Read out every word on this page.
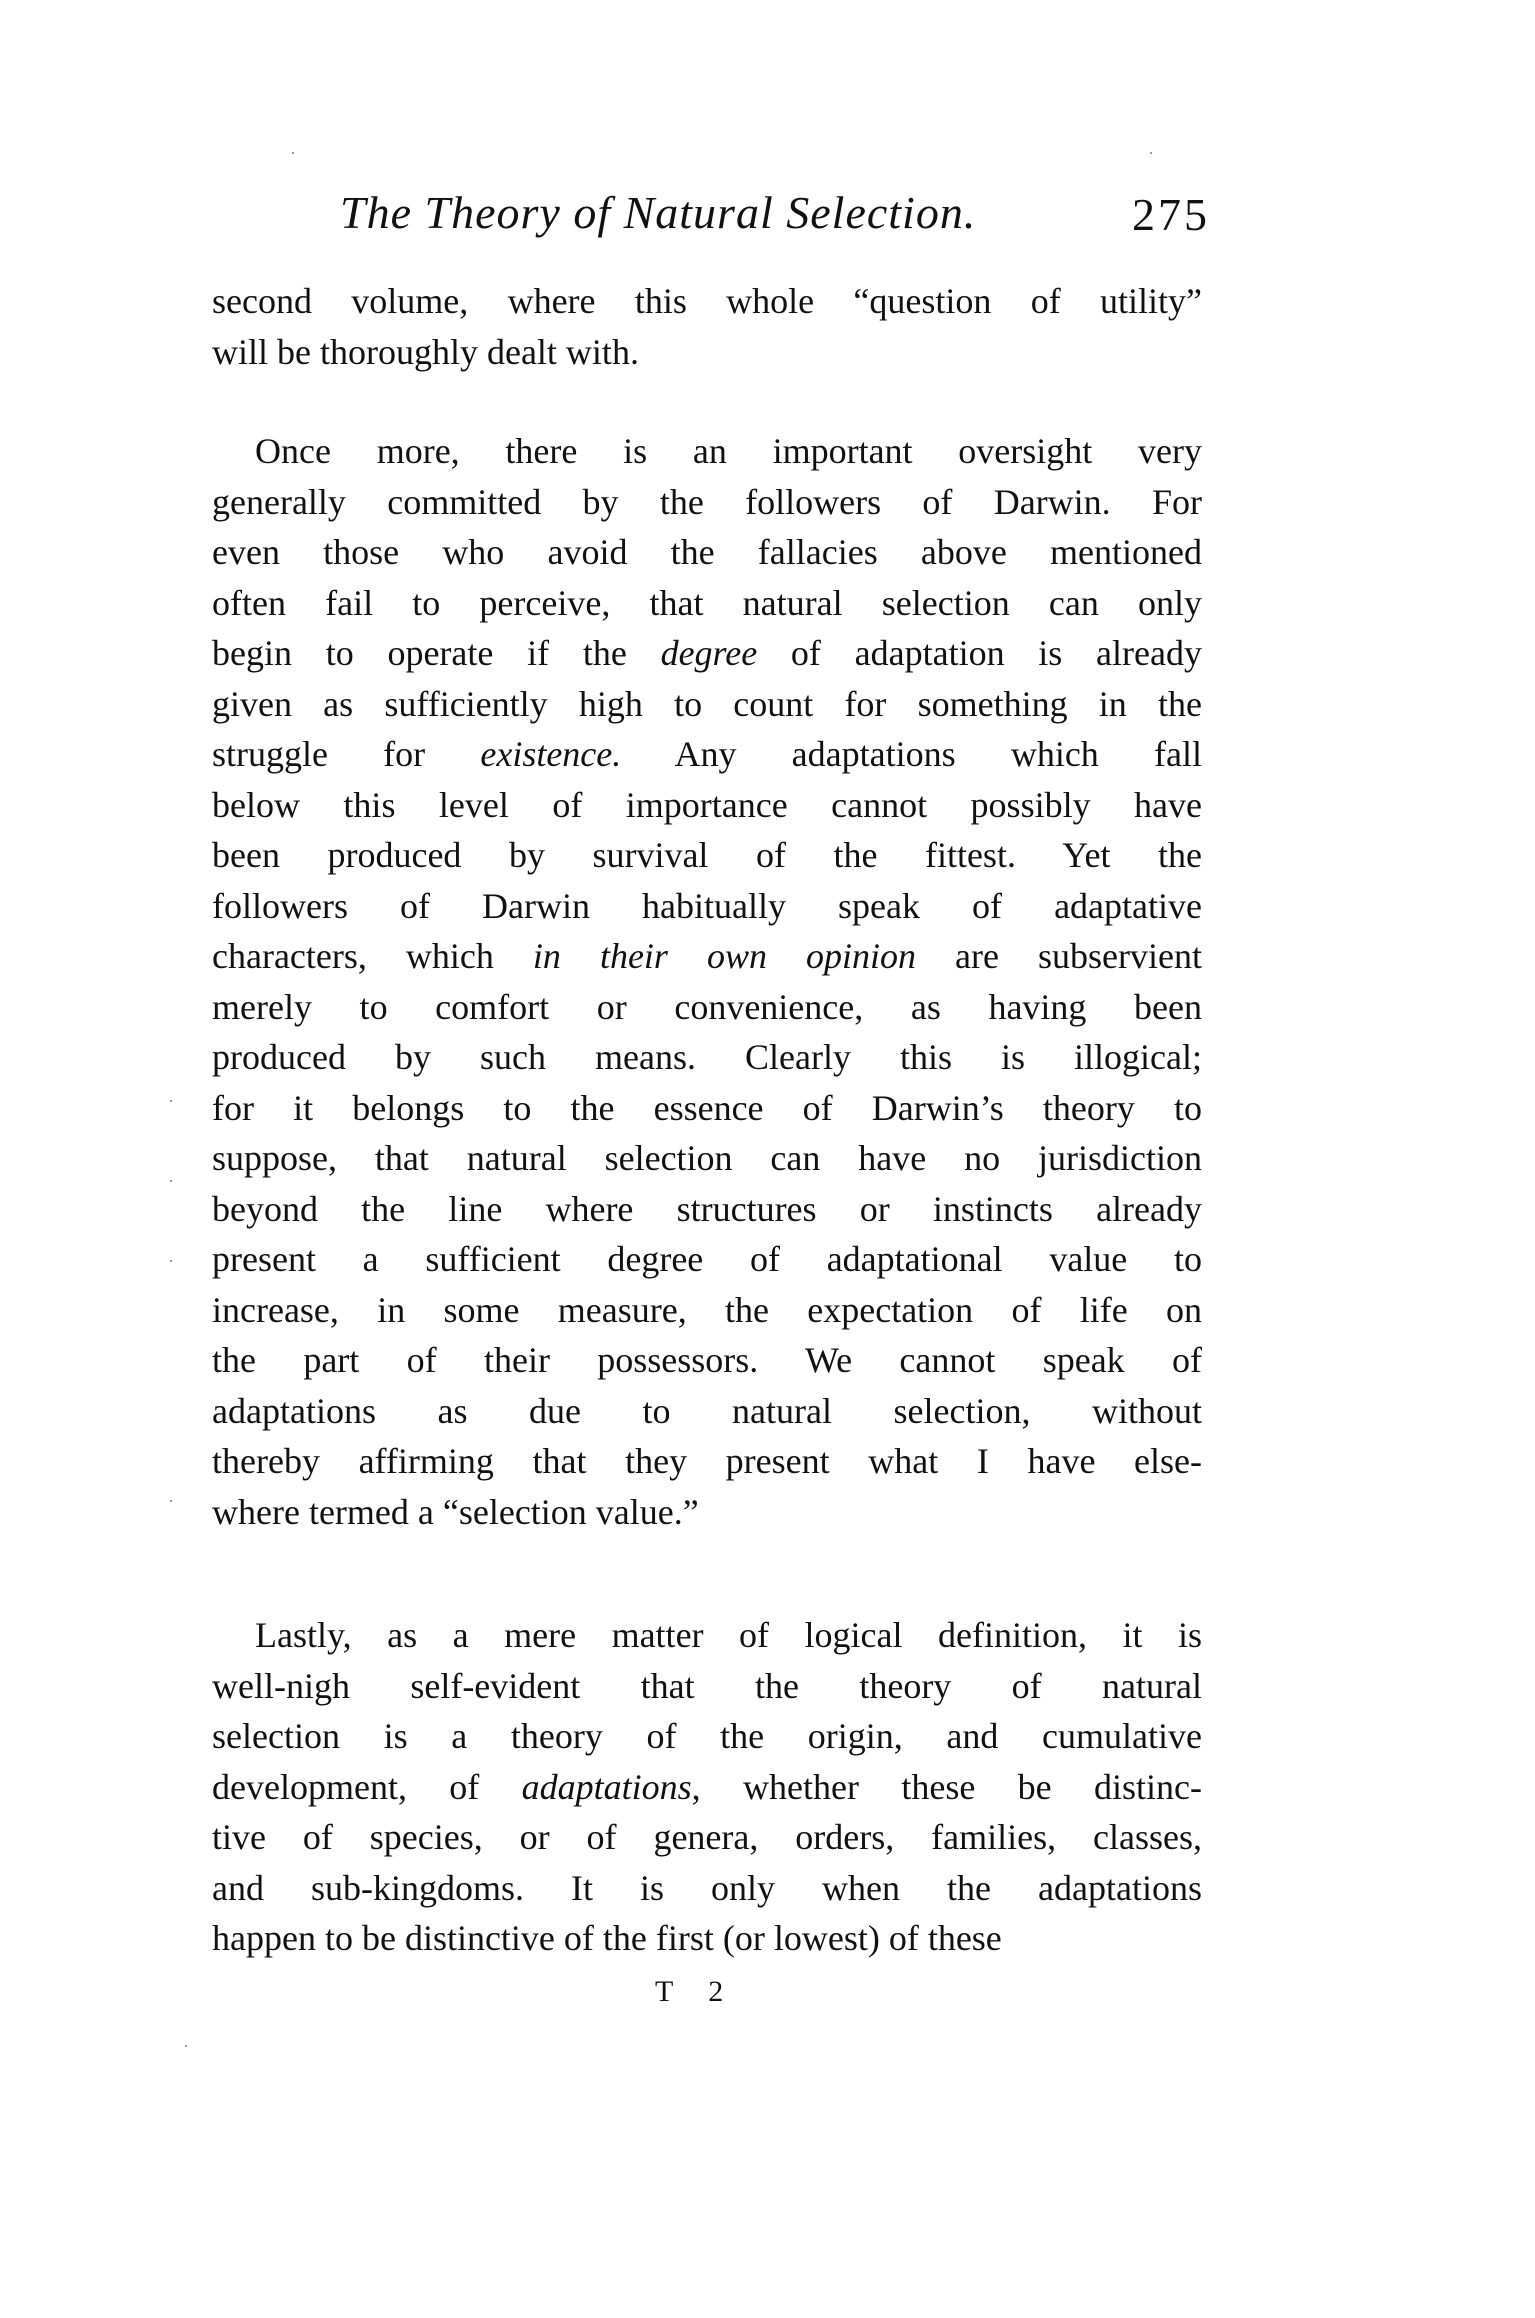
The Theory of Natural Selection.	275
second volume, where this whole “question of utility”
will be thoroughly dealt with.
Once more, there is an important oversight very
generally committed by the followers of Darwin. For
even those who avoid the fallacies above mentioned
often fail to perceive, that natural selection can only
begin to operate if the degree of adaptation is already
given as sufficiently high to count for something in the
struggle for existence. Any adaptations which fall
below this level of importance cannot possibly have
been produced by survival of the fittest. Yet the
followers of Darwin habitually speak of adaptative
characters, which in their own opinion are subservient
merely to comfort or convenience, as having been
produced by such means. Clearly this is illogical;
for it belongs to the essence of Darwin’s theory to
suppose, that natural selection can have no jurisdiction
beyond the line where structures or instincts already
present a sufficient degree of adaptational value to
increase, in some measure, the expectation of life on
the part of their possessors. We cannot speak of
adaptations as due to natural selection, without
thereby affirming that they present what I have else-
where termed a “selection value.”
Lastly, as a mere matter of logical definition, it is
well-nigh self-evident that the theory of natural
selection is a theory of the origin, and cumulative
development, of adaptations, whether these be distinc-
tive of species, or of genera, orders, families, classes,
and sub-kingdoms. It is only when the adaptations
happen to be distinctive of the first (or lowest) of these
T 2
